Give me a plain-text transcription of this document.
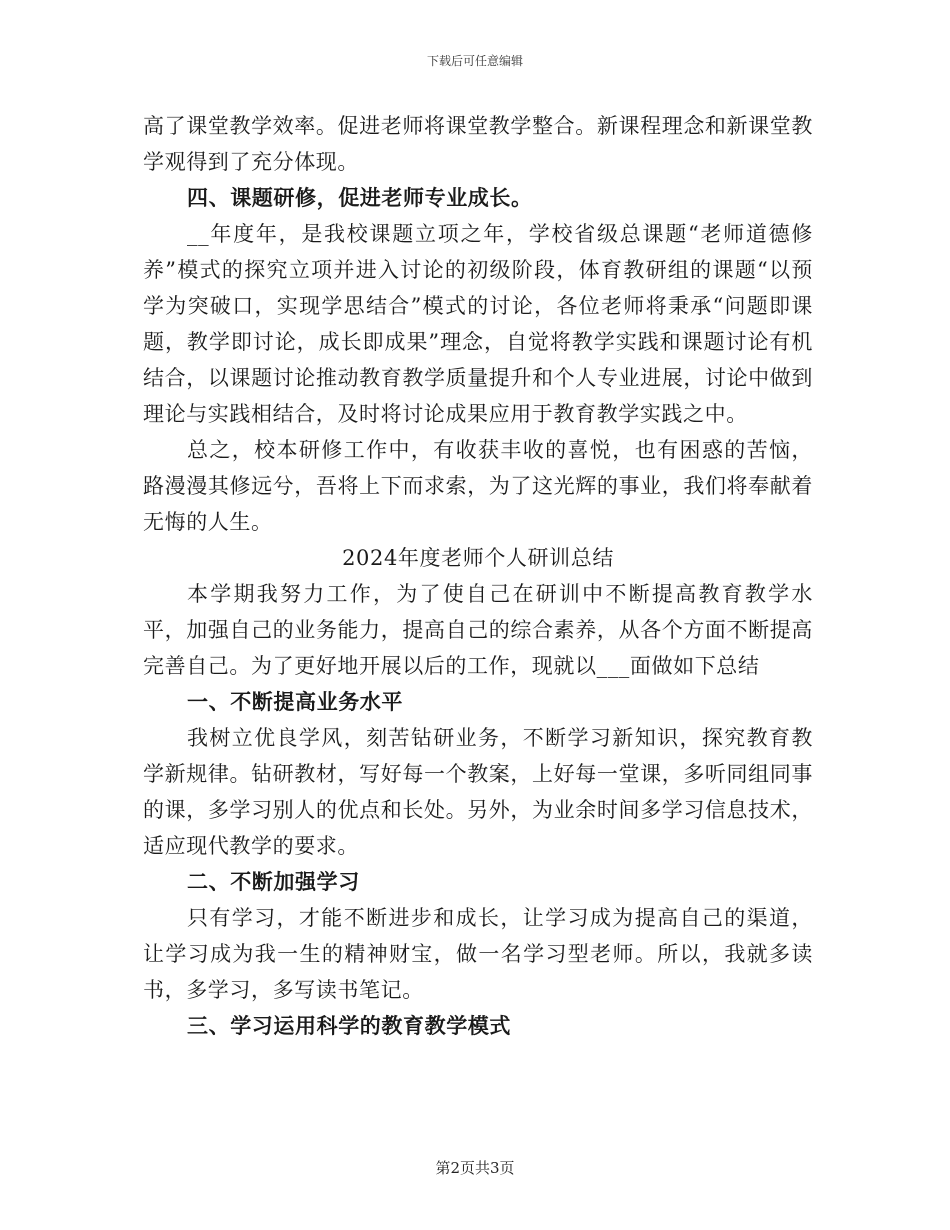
下载后可任意编辑

高了课堂教学效率。促进老师将课堂教学整合。新课程理念和新课堂教学观得到了充分体现。

四、课题研修，促进老师专业成长。

__年度年，是我校课题立项之年，学校省级总课题“老师道德修养”模式的探究立项并进入讨论的初级阶段，体育教研组的课题“以预学为突破口，实现学思结合”模式的讨论，各位老师将秉承“问题即课题，教学即讨论，成长即成果”理念，自觉将教学实践和课题讨论有机结合，以课题讨论推动教育教学质量提升和个人专业进展，讨论中做到理论与实践相结合，及时将讨论成果应用于教育教学实践之中。

总之，校本研修工作中，有收获丰收的喜悦，也有困惑的苦恼，路漫漫其修远兮，吾将上下而求索，为了这光辉的事业，我们将奉献着无悔的人生。

2024年度老师个人研训总结

本学期我努力工作，为了使自己在研训中不断提高教育教学水平，加强自己的业务能力，提高自己的综合素养，从各个方面不断提高完善自己。为了更好地开展以后的工作，现就以___面做如下总结

一、不断提高业务水平

我树立优良学风，刻苦钻研业务，不断学习新知识，探究教育教学新规律。钻研教材，写好每一个教案，上好每一堂课，多听同组同事的课，多学习别人的优点和长处。另外，为业余时间多学习信息技术，适应现代教学的要求。

二、不断加强学习

只有学习，才能不断进步和成长，让学习成为提高自己的渠道，让学习成为我一生的精神财宝，做一名学习型老师。所以，我就多读书，多学习，多写读书笔记。

三、学习运用科学的教育教学模式

第2页共3页
